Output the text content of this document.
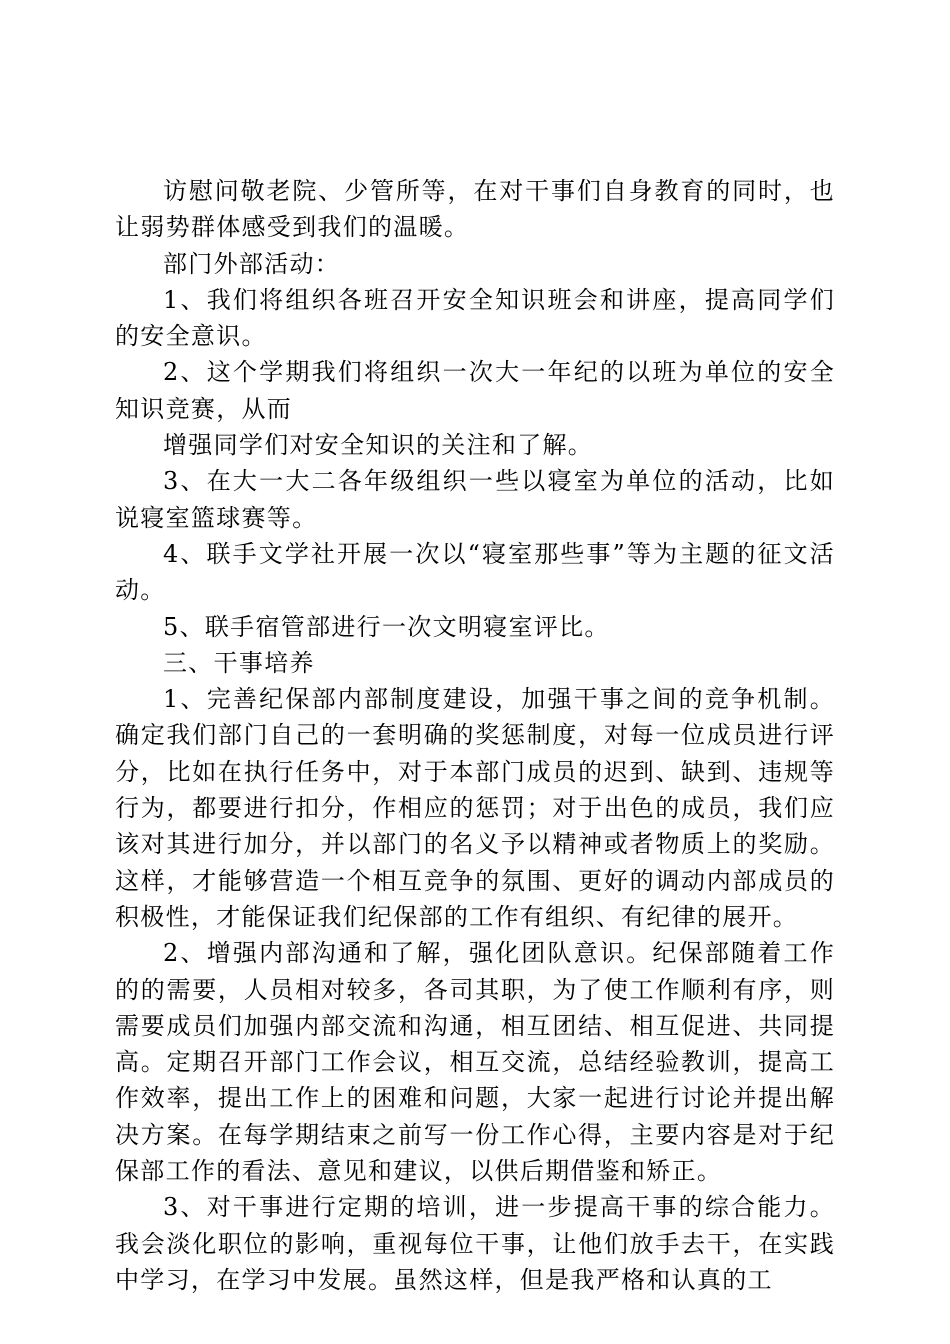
访慰问敬老院、少管所等，在对干事们自身教育的同时，也让弱势群体感受到我们的温暖。

部门外部活动：

1、我们将组织各班召开安全知识班会和讲座，提高同学们的安全意识。

2、这个学期我们将组织一次大一年纪的以班为单位的安全知识竞赛，从而

增强同学们对安全知识的关注和了解。

3、在大一大二各年级组织一些以寝室为单位的活动，比如说寝室篮球赛等。

4、联手文学社开展一次以“寝室那些事”等为主题的征文活动。

5、联手宿管部进行一次文明寝室评比。

三、干事培养

1、完善纪保部内部制度建设，加强干事之间的竞争机制。确定我们部门自己的一套明确的奖惩制度，对每一位成员进行评分，比如在执行任务中，对于本部门成员的迟到、缺到、违规等行为，都要进行扣分，作相应的惩罚；对于出色的成员，我们应该对其进行加分，并以部门的名义予以精神或者物质上的奖励。这样，才能够营造一个相互竞争的氛围、更好的调动内部成员的积极性，才能保证我们纪保部的工作有组织、有纪律的展开。

2、增强内部沟通和了解，强化团队意识。纪保部随着工作的的需要，人员相对较多，各司其职，为了使工作顺利有序，则需要成员们加强内部交流和沟通，相互团结、相互促进、共同提高。定期召开部门工作会议，相互交流，总结经验教训，提高工作效率，提出工作上的困难和问题，大家一起进行讨论并提出解决方案。在每学期结束之前写一份工作心得，主要内容是对于纪保部工作的看法、意见和建议，以供后期借鉴和矫正。

3、对干事进行定期的培训，进一步提高干事的综合能力。我会淡化职位的影响，重视每位干事，让他们放手去干，在实践中学习，在学习中发展。虽然这样，但是我严格和认真的工
